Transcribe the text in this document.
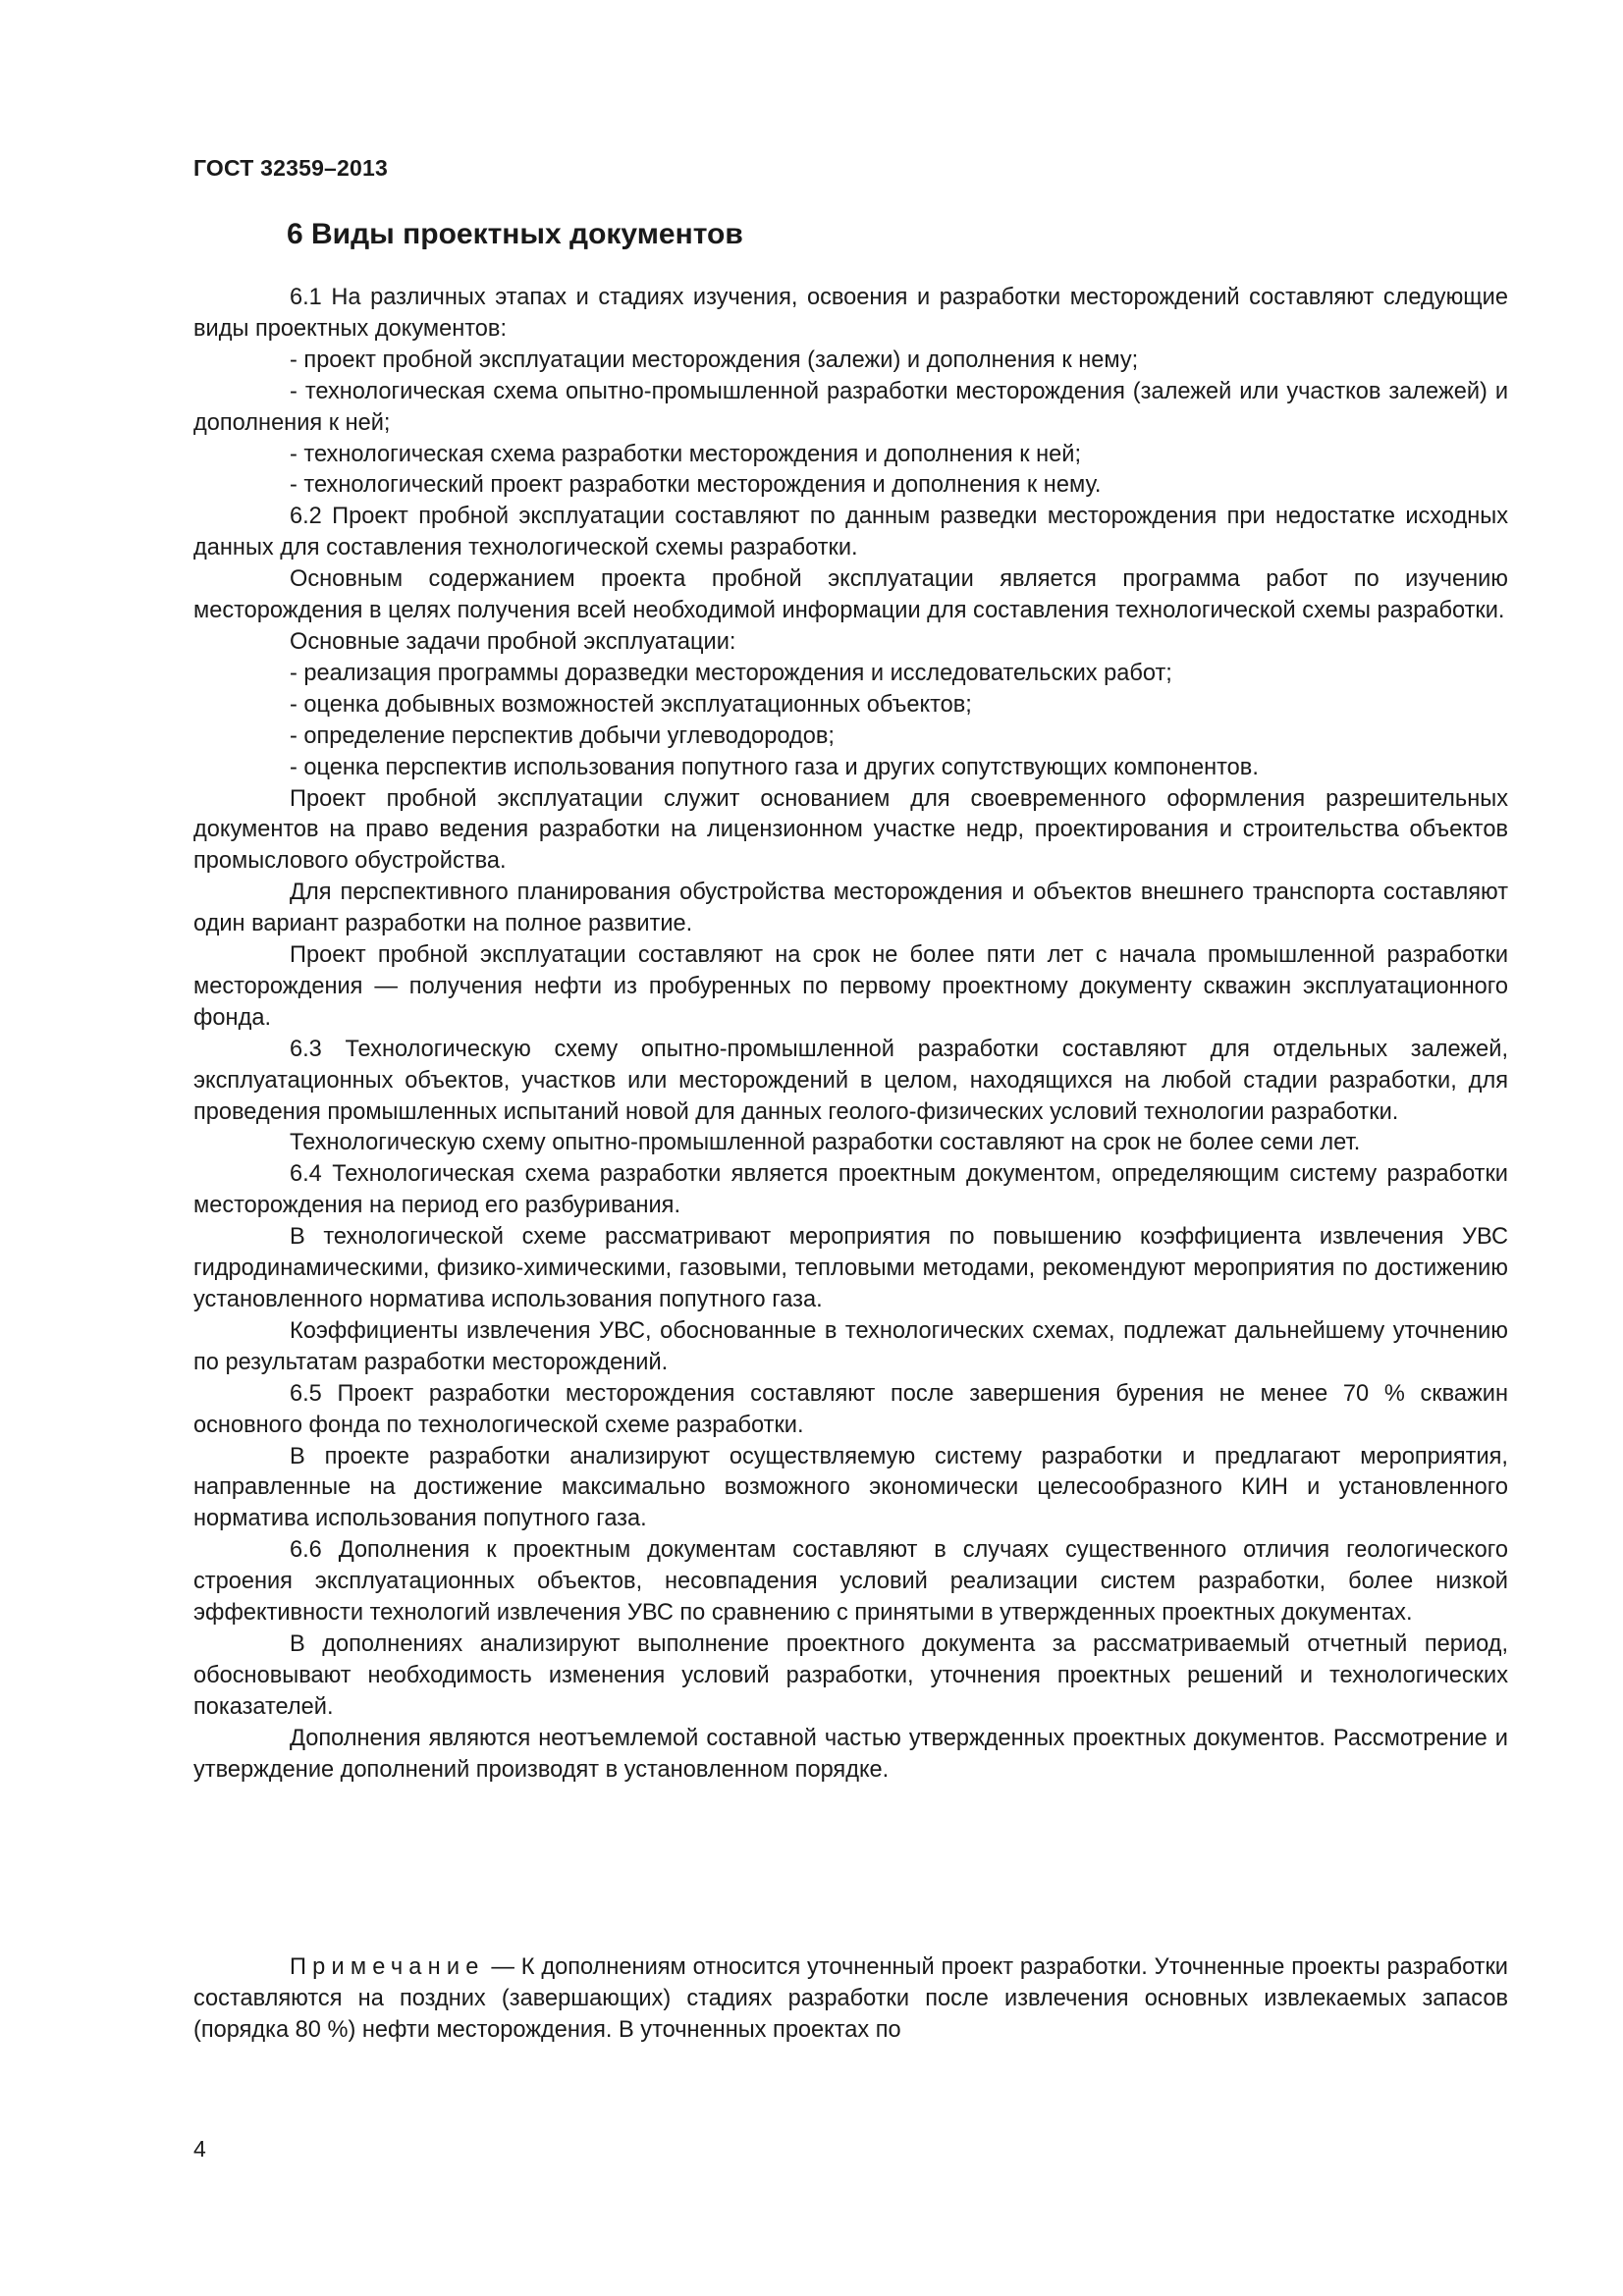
ГОСТ 32359–2013
6 Виды проектных документов

6.1 На различных этапах и стадиях изучения, освоения и разработки месторождений составляют следующие виды проектных документов:

- проект пробной эксплуатации месторождения (залежи) и дополнения к нему;

- технологическая схема опытно-промышленной разработки месторождения (залежей или участков залежей) и дополнения к ней;

- технологическая схема разработки месторождения и дополнения к ней;

- технологический проект разработки месторождения и дополнения к нему.

6.2 Проект пробной эксплуатации составляют по данным разведки месторождения при недостатке исходных данных для составления технологической схемы разработки.

Основным содержанием проекта пробной эксплуатации является программа работ по изучению месторождения в целях получения всей необходимой информации для составления технологической схемы разработки.

Основные задачи пробной эксплуатации:

- реализация программы доразведки месторождения и исследовательских работ;

- оценка добывных возможностей эксплуатационных объектов;

- определение перспектив добычи углеводородов;

- оценка перспектив использования попутного газа и других сопутствующих компонентов.

Проект пробной эксплуатации служит основанием для своевременного оформления разрешительных документов на право ведения разработки на лицензионном участке недр, проектирования и строительства объектов промыслового обустройства.

Для перспективного планирования обустройства месторождения и объектов внешнего транспорта составляют один вариант разработки на полное развитие.

Проект пробной эксплуатации составляют на срок не более пяти лет с начала промышленной разработки месторождения — получения нефти из пробуренных по первому проектному документу скважин эксплуатационного фонда.

6.3 Технологическую схему опытно-промышленной разработки составляют для отдельных залежей, эксплуатационных объектов, участков или месторождений в целом, находящихся на любой стадии разработки, для проведения промышленных испытаний новой для данных геолого-физических условий технологии разработки.

Технологическую схему опытно-промышленной разработки составляют на срок не более семи лет.

6.4 Технологическая схема разработки является проектным документом, определяющим систему разработки месторождения на период его разбуривания.

В технологической схеме рассматривают мероприятия по повышению коэффициента извлечения УВС гидродинамическими, физико-химическими, газовыми, тепловыми методами, рекомендуют мероприятия по достижению установленного норматива использования попутного газа.

Коэффициенты извлечения УВС, обоснованные в технологических схемах, подлежат дальнейшему уточнению по результатам разработки месторождений.

6.5 Проект разработки месторождения составляют после завершения бурения не менее 70 % скважин основного фонда по технологической схеме разработки.

В проекте разработки анализируют осуществляемую систему разработки и предлагают мероприятия, направленные на достижение максимально возможного экономически целесообразного КИН и установленного норматива использования попутного газа.

6.6 Дополнения к проектным документам составляют в случаях существенного отличия геологического строения эксплуатационных объектов, несовпадения условий реализации систем разработки, более низкой эффективности технологий извлечения УВС по сравнению с принятыми в утвержденных проектных документах.

В дополнениях анализируют выполнение проектного документа за рассматриваемый отчетный период, обосновывают необходимость изменения условий разработки, уточнения проектных решений и технологических показателей.

Дополнения являются неотъемлемой составной частью утвержденных проектных документов. Рассмотрение и утверждение дополнений производят в установленном порядке.

Примечание — К дополнениям относится уточненный проект разработки. Уточненные проекты разработки составляются на поздних (завершающих) стадиях разработки после извлечения основных извлекаемых запасов (порядка 80 %) нефти месторождения. В уточненных проектах по

4
